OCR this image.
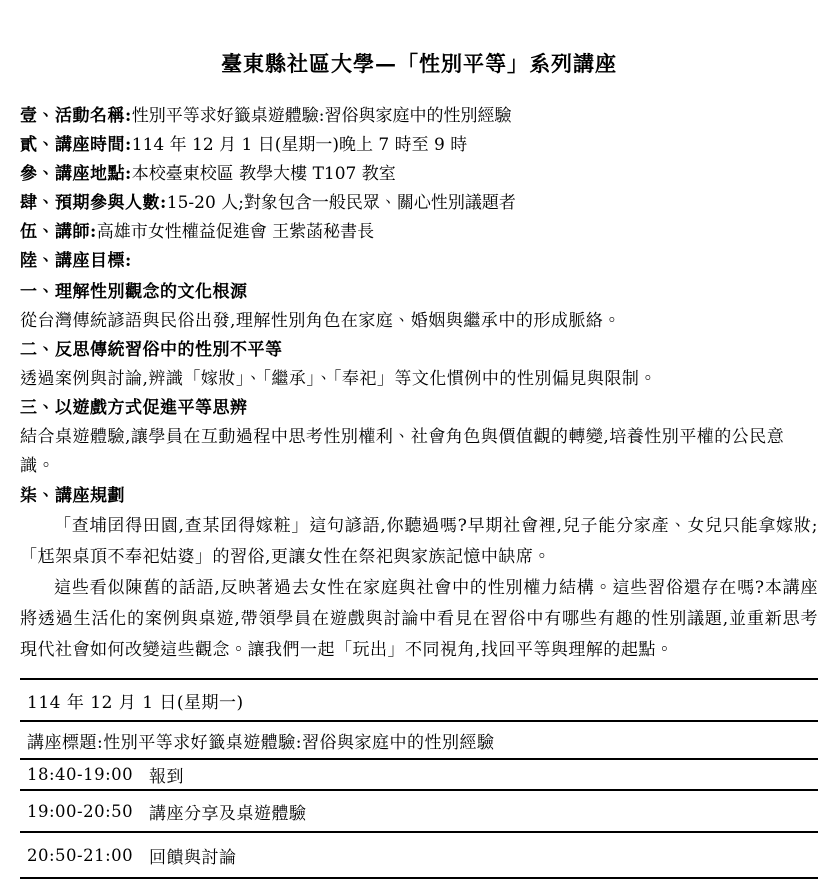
臺東縣社區大學—「性別平等」系列講座
壹、活動名稱:性別平等求好籤桌遊體驗:習俗與家庭中的性別經驗
貳、講座時間:114 年 12 月 1 日(星期一)晚上 7 時至 9 時
參、講座地點:本校臺東校區 教學大樓 T107 教室
肆、預期參與人數:15-20 人;對象包含一般民眾、關心性別議題者
伍、講師:高雄市女性權益促進會 王紫菡秘書長
陸、講座目標:
一、理解性別觀念的文化根源
從台灣傳統諺語與民俗出發,理解性別角色在家庭、婚姻與繼承中的形成脈絡。
二、反思傳統習俗中的性別不平等
透過案例與討論,辨識「嫁妝」、「繼承」、「奉祀」等文化慣例中的性別偏見與限制。
三、以遊戲方式促進平等思辨
結合桌遊體驗,讓學員在互動過程中思考性別權利、社會角色與價值觀的轉變,培養性別平權的公民意識。
柒、講座規劃

「查埔囝得田園,查某囝得嫁粧」這句諺語,你聽過嗎?早期社會裡,兒子能分家產、女兒只能拿嫁妝;「尪架桌頂不奉祀姑婆」的習俗,更讓女性在祭祀與家族記憶中缺席。

這些看似陳舊的話語,反映著過去女性在家庭與社會中的性別權力結構。這些習俗還存在嗎?本講座將透過生活化的案例與桌遊,帶領學員在遊戲與討論中看見在習俗中有哪些有趣的性別議題,並重新思考現代社會如何改變這些觀念。讓我們一起「玩出」不同視角,找回平等與理解的起點。

114 年 12 月 1 日(星期一)	
講座標題:性別平等求好籤桌遊體驗:習俗與家庭中的性別經驗	
18:40-19:00	報到
19:00-20:50	講座分享及桌遊體驗
20:50-21:00	回饋與討論
